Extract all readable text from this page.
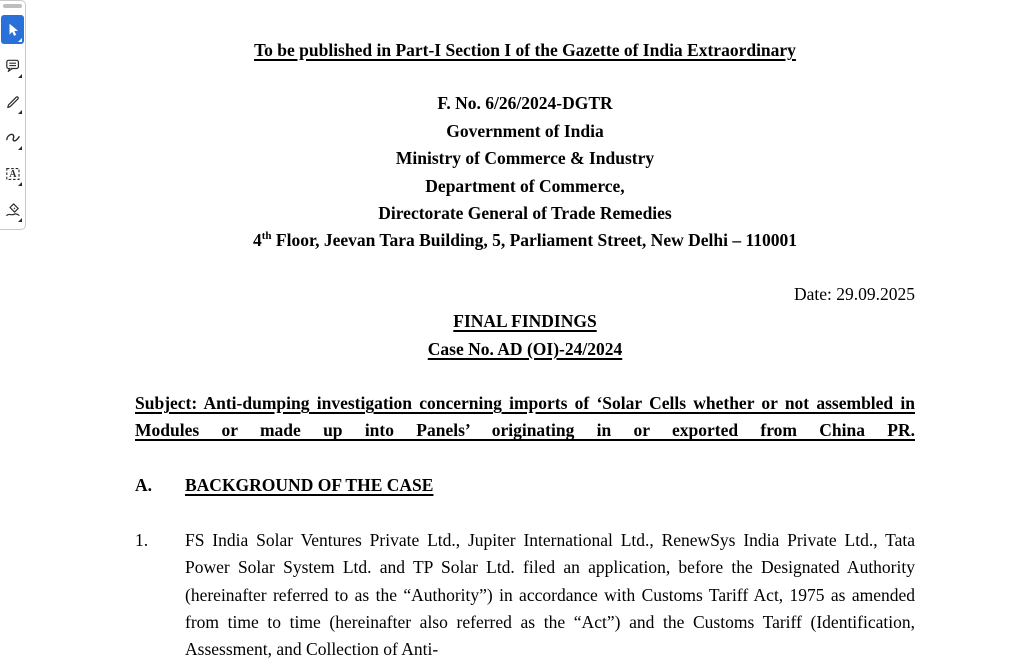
A
To be published in Part-I Section I of the Gazette of India Extraordinary
F. No. 6/26/2024-DGTR
Government of India
Ministry of Commerce & Industry
Department of Commerce,
Directorate General of Trade Remedies
4th Floor, Jeevan Tara Building, 5, Parliament Street, New Delhi – 110001
Date: 29.09.2025
FINAL FINDINGS
Case No. AD (OI)-24/2024
Subject: Anti-dumping investigation concerning imports of ‘Solar Cells whether or not assembled in Modules or made up into Panels’ originating in or exported from China PR.
A.	BACKGROUND OF THE CASE
1.	FS India Solar Ventures Private Ltd., Jupiter International Ltd., RenewSys India Private Ltd., Tata Power Solar System Ltd. and TP Solar Ltd. filed an application, before the Designated Authority (hereinafter referred to as the “Authority”) in accordance with Customs Tariff Act, 1975 as amended from time to time (hereinafter also referred as the “Act”) and the Customs Tariff (Identification, Assessment, and Collection of Anti-
